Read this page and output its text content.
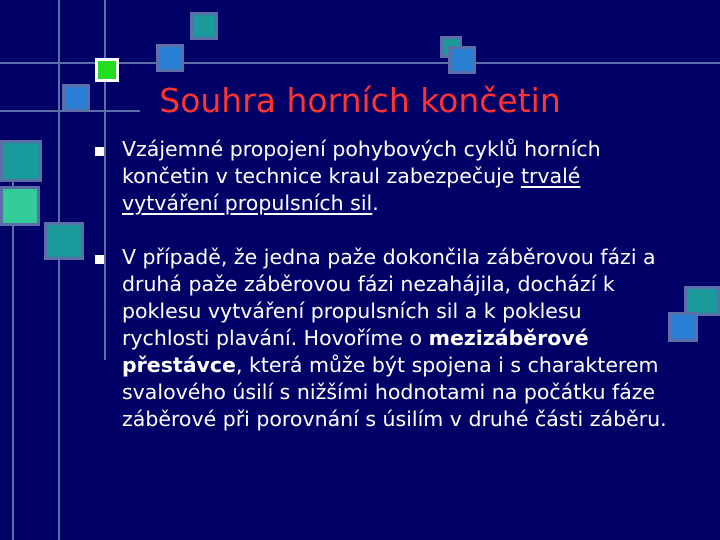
Souhra horních končetin
Vzájemné propojení pohybových cyklů horních končetin v technice kraul zabezpečuje trvalé vytváření propulsních sil.
V případě, že jedna paže dokončila záběrovou fázi a druhá paže záběrovou fázi nezahájila, dochází k poklesu vytváření propulsních sil a k poklesu rychlosti plavání. Hovoříme o mezizáběrové přestávce, která může být spojena i s charakterem svalového úsilí s nižšími hodnotami na počátku fáze záběrové při porovnání s úsilím v druhé části záběru.
